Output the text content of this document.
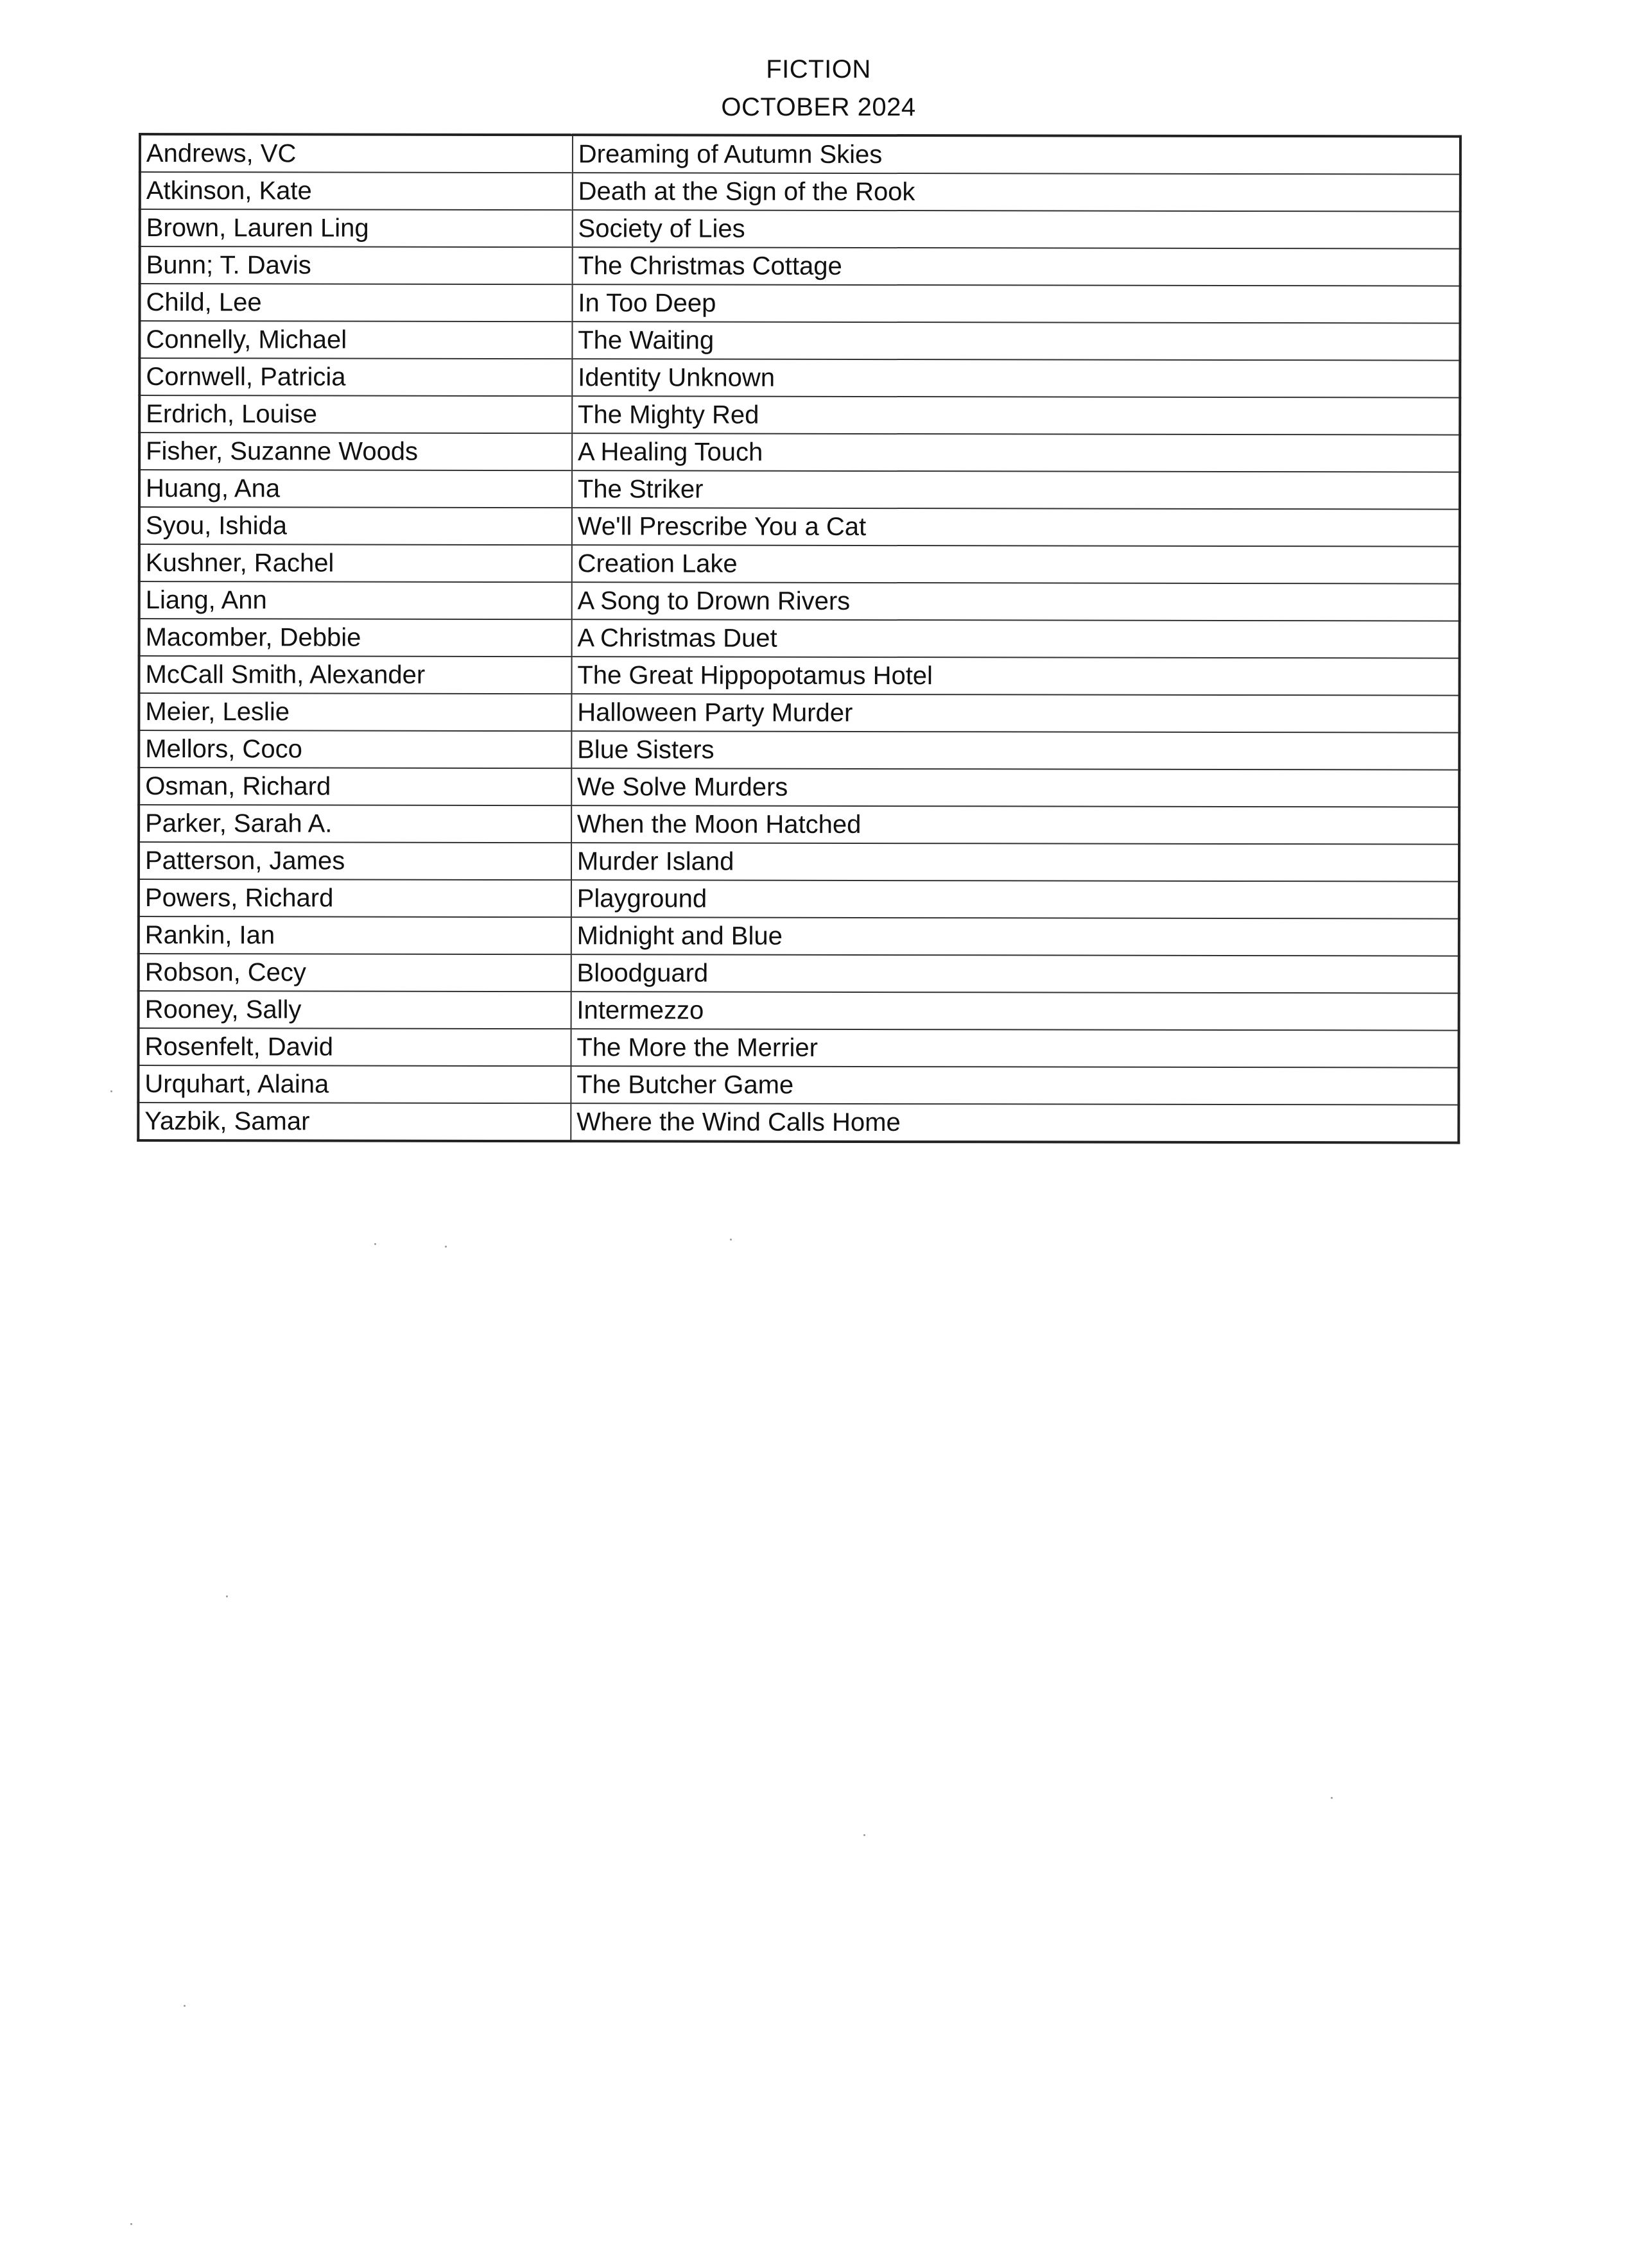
FICTION
OCTOBER 2024
Andrews, VC	Dreaming of Autumn Skies
Atkinson, Kate	Death at the Sign of the Rook
Brown, Lauren Ling	Society of Lies
Bunn; T. Davis	The Christmas Cottage
Child, Lee	In Too Deep
Connelly, Michael	The Waiting
Cornwell, Patricia	Identity Unknown
Erdrich, Louise	The Mighty Red
Fisher, Suzanne Woods	A Healing Touch
Huang, Ana	The Striker
Syou, Ishida	We'll Prescribe You a Cat
Kushner, Rachel	Creation Lake
Liang, Ann	A Song to Drown Rivers
Macomber, Debbie	A Christmas Duet
McCall Smith, Alexander	The Great Hippopotamus Hotel
Meier, Leslie	Halloween Party Murder
Mellors, Coco	Blue Sisters
Osman, Richard	We Solve Murders
Parker, Sarah A.	When the Moon Hatched
Patterson, James	Murder Island
Powers, Richard	Playground
Rankin, Ian	Midnight and Blue
Robson, Cecy	Bloodguard
Rooney, Sally	Intermezzo
Rosenfelt, David	The More the Merrier
Urquhart, Alaina	The Butcher Game
Yazbik, Samar	Where the Wind Calls Home
